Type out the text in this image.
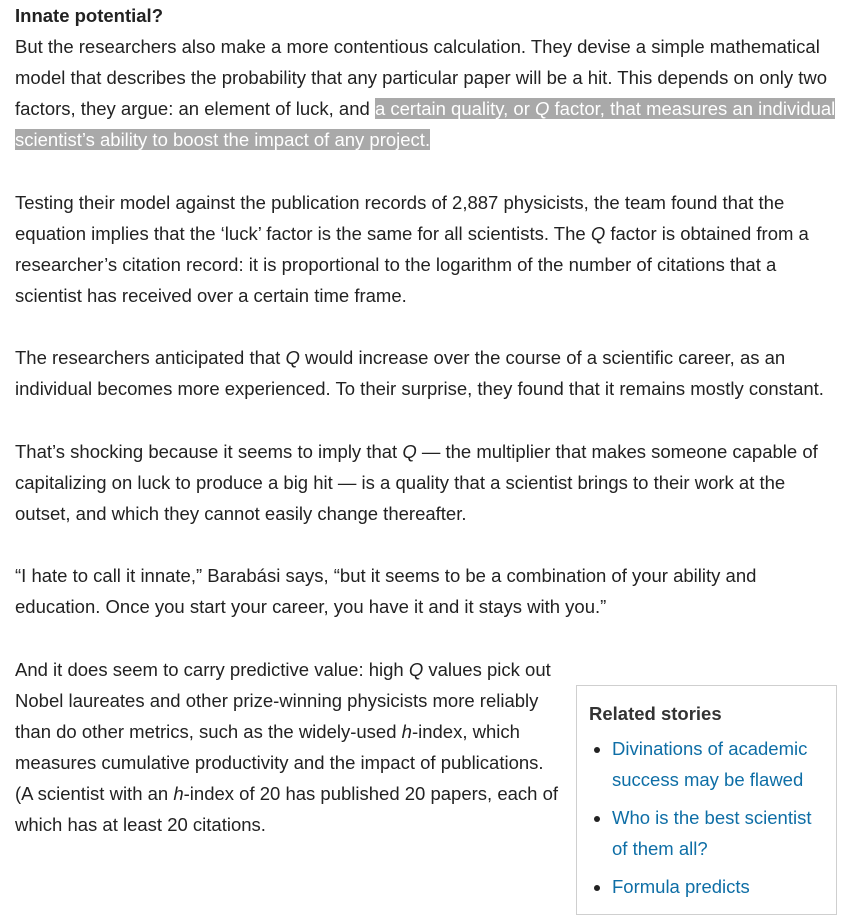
Innate potential?

But the researchers also make a more contentious calculation. They devise a simple mathematical model that describes the probability that any particular paper will be a hit. This depends on only two factors, they argue: an element of luck, and a certain quality, or Q factor, that measures an individual scientist’s ability to boost the impact of any project.

Testing their model against the publication records of 2,887 physicists, the team found that the equation implies that the ‘luck’ factor is the same for all scientists. The Q factor is obtained from a researcher’s citation record: it is proportional to the logarithm of the number of citations that a scientist has received over a certain time frame.

The researchers anticipated that Q would increase over the course of a scientific career, as an individual becomes more experienced. To their surprise, they found that it remains mostly constant.

That’s shocking because it seems to imply that Q — the multiplier that makes someone capable of capitalizing on luck to produce a big hit — is a quality that a scientist brings to their work at the outset, and which they cannot easily change thereafter.

“I hate to call it innate,” Barabási says, “but it seems to be a combination of your ability and education. Once you start your career, you have it and it stays with you.”

And it does seem to carry predictive value: high Q values pick out Nobel laureates and other prize-winning physicists more reliably than do other metrics, such as the widely-used h-index, which measures cumulative productivity and the impact of publications. (A scientist with an h-index of 20 has published 20 papers, each of which has at least 20 citations.

Related stories
• Divinations of academic success may be flawed
• Who is the best scientist of them all?
• Formula predicts
